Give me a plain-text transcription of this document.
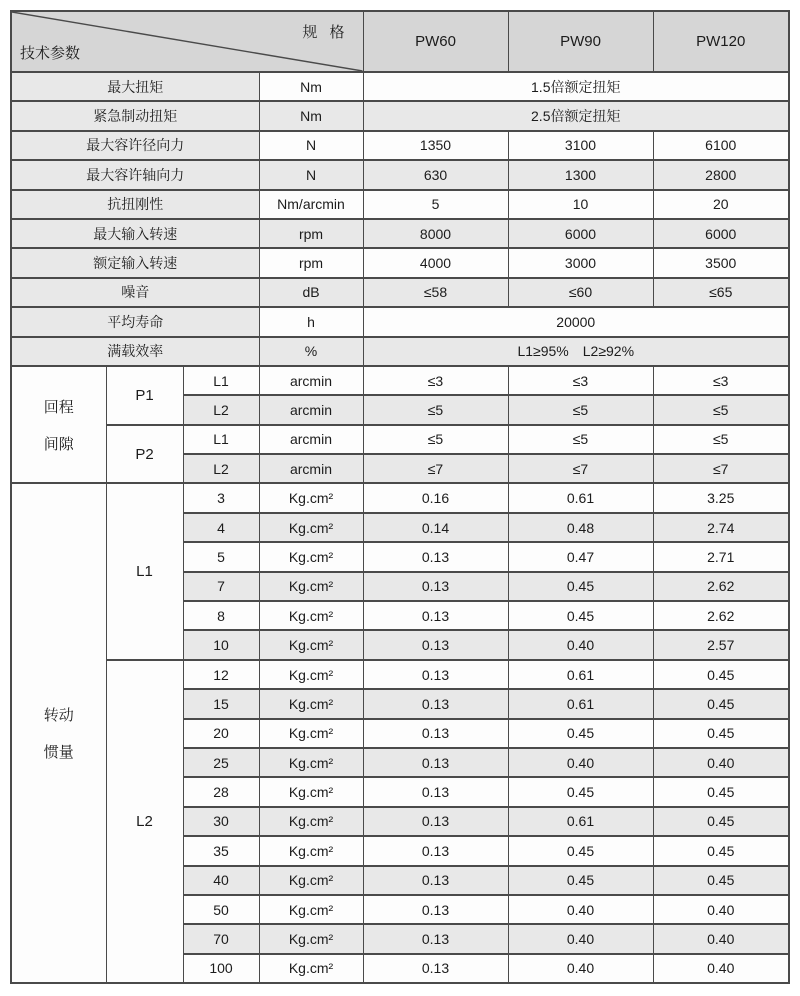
规 格
技术参数				PW60	PW90	PW120
最大扭矩			Nm	1.5倍额定扭矩		
紧急制动扭矩			Nm	2.5倍额定扭矩		
最大容许径向力			N	1350	3100	6100
最大容许轴向力			N	630	1300	2800
抗扭刚性			Nm/arcmin	5	10	20
最大输入转速			rpm	8000	6000	6000
额定输入转速			rpm	4000	3000	3500
噪音			dB	≤58	≤60	≤65
平均寿命			h	20000		
满载效率			%	L1≥95%　L2≥92%		

回程
间隙	P1	L1	arcmin	≤3	≤3	≤3
		L2	arcmin	≤5	≤5	≤5
	P2	L1	arcmin	≤5	≤5	≤5
		L2	arcmin	≤7	≤7	≤7

转动
惯量	L1	3	Kg.cm²	0.16	0.61	3.25
		4	Kg.cm²	0.14	0.48	2.74
		5	Kg.cm²	0.13	0.47	2.71
		7	Kg.cm²	0.13	0.45	2.62
		8	Kg.cm²	0.13	0.45	2.62
		10	Kg.cm²	0.13	0.40	2.57
	L2	12	Kg.cm²	0.13	0.61	0.45
		15	Kg.cm²	0.13	0.61	0.45
		20	Kg.cm²	0.13	0.45	0.45
		25	Kg.cm²	0.13	0.40	0.40
		28	Kg.cm²	0.13	0.45	0.45
		30	Kg.cm²	0.13	0.61	0.45
		35	Kg.cm²	0.13	0.45	0.45
		40	Kg.cm²	0.13	0.45	0.45
		50	Kg.cm²	0.13	0.40	0.40
		70	Kg.cm²	0.13	0.40	0.40
		100	Kg.cm²	0.13	0.40	0.40
